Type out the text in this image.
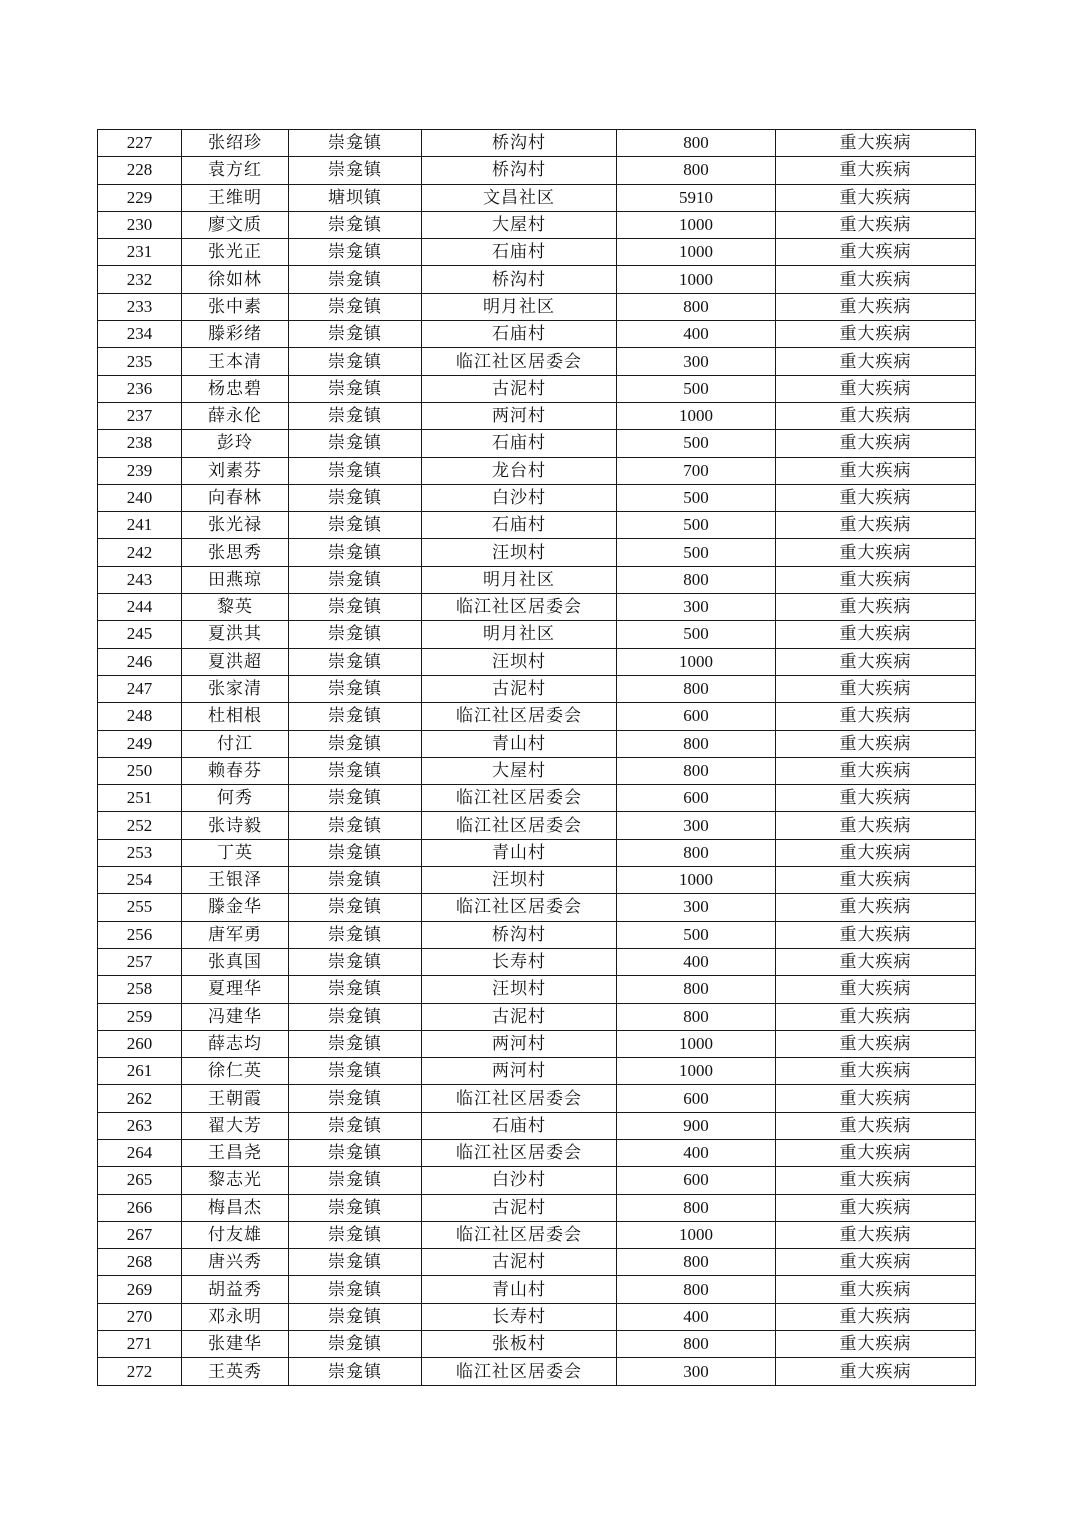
227	张绍珍	崇龛镇	桥沟村	800	重大疾病
228	袁方红	崇龛镇	桥沟村	800	重大疾病
229	王维明	塘坝镇	文昌社区	5910	重大疾病
230	廖文质	崇龛镇	大屋村	1000	重大疾病
231	张光正	崇龛镇	石庙村	1000	重大疾病
232	徐如林	崇龛镇	桥沟村	1000	重大疾病
233	张中素	崇龛镇	明月社区	800	重大疾病
234	滕彩绪	崇龛镇	石庙村	400	重大疾病
235	王本清	崇龛镇	临江社区居委会	300	重大疾病
236	杨忠碧	崇龛镇	古泥村	500	重大疾病
237	薛永伦	崇龛镇	两河村	1000	重大疾病
238	彭玲	崇龛镇	石庙村	500	重大疾病
239	刘素芬	崇龛镇	龙台村	700	重大疾病
240	向春林	崇龛镇	白沙村	500	重大疾病
241	张光禄	崇龛镇	石庙村	500	重大疾病
242	张思秀	崇龛镇	汪坝村	500	重大疾病
243	田燕琼	崇龛镇	明月社区	800	重大疾病
244	黎英	崇龛镇	临江社区居委会	300	重大疾病
245	夏洪其	崇龛镇	明月社区	500	重大疾病
246	夏洪超	崇龛镇	汪坝村	1000	重大疾病
247	张家清	崇龛镇	古泥村	800	重大疾病
248	杜相根	崇龛镇	临江社区居委会	600	重大疾病
249	付江	崇龛镇	青山村	800	重大疾病
250	赖春芬	崇龛镇	大屋村	800	重大疾病
251	何秀	崇龛镇	临江社区居委会	600	重大疾病
252	张诗毅	崇龛镇	临江社区居委会	300	重大疾病
253	丁英	崇龛镇	青山村	800	重大疾病
254	王银泽	崇龛镇	汪坝村	1000	重大疾病
255	滕金华	崇龛镇	临江社区居委会	300	重大疾病
256	唐军勇	崇龛镇	桥沟村	500	重大疾病
257	张真国	崇龛镇	长寿村	400	重大疾病
258	夏理华	崇龛镇	汪坝村	800	重大疾病
259	冯建华	崇龛镇	古泥村	800	重大疾病
260	薛志均	崇龛镇	两河村	1000	重大疾病
261	徐仁英	崇龛镇	两河村	1000	重大疾病
262	王朝霞	崇龛镇	临江社区居委会	600	重大疾病
263	翟大芳	崇龛镇	石庙村	900	重大疾病
264	王昌尧	崇龛镇	临江社区居委会	400	重大疾病
265	黎志光	崇龛镇	白沙村	600	重大疾病
266	梅昌杰	崇龛镇	古泥村	800	重大疾病
267	付友雄	崇龛镇	临江社区居委会	1000	重大疾病
268	唐兴秀	崇龛镇	古泥村	800	重大疾病
269	胡益秀	崇龛镇	青山村	800	重大疾病
270	邓永明	崇龛镇	长寿村	400	重大疾病
271	张建华	崇龛镇	张板村	800	重大疾病
272	王英秀	崇龛镇	临江社区居委会	300	重大疾病
